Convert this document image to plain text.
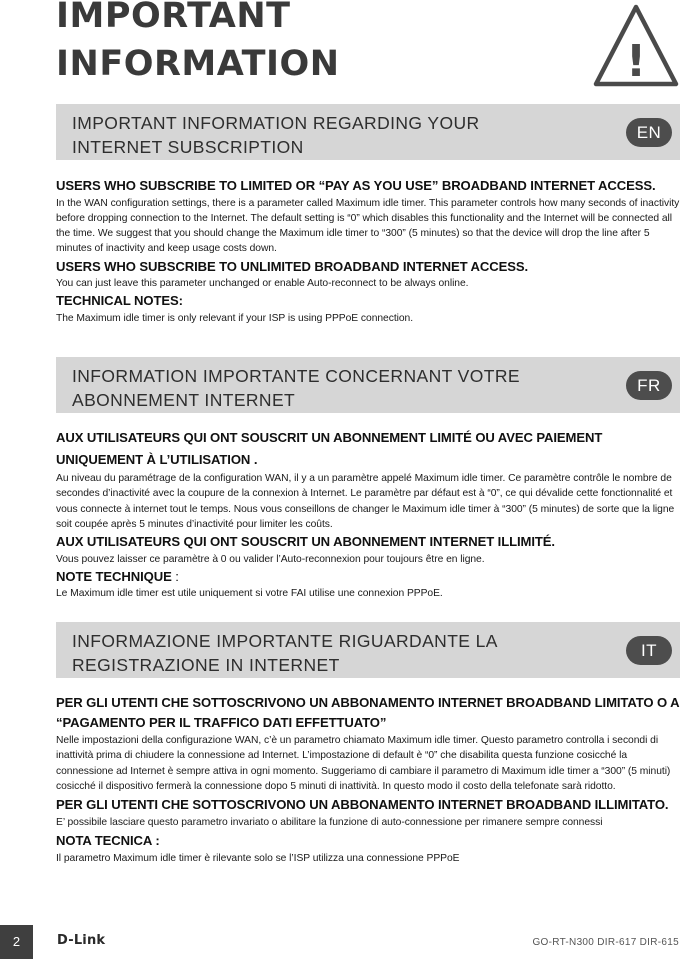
IMPORTANT
INFORMATION	!
IMPORTANT INFORMATION REGARDING YOUR
INTERNET SUBSCRIPTION
EN

USERS WHO SUBSCRIBE TO LIMITED OR “PAY AS YOU USE” BROADBAND INTERNET ACCESS.

In the WAN configuration settings, there is a parameter called Maximum idle timer. This parameter controls how many seconds of inactivity before dropping connection to the Internet. The default setting is “0” which disables this functionality and the Internet will be connected all the time. We suggest that you should change the Maximum idle timer to “300” (5 minutes) so that the device will drop the line after 5 minutes of inactivity and keep usage costs down.

USERS WHO SUBSCRIBE TO UNLIMITED BROADBAND INTERNET ACCESS.

You can just leave this parameter unchanged or enable Auto-reconnect to be always online.

TECHNICAL NOTES:

The Maximum idle timer is only relevant if your ISP is using PPPoE connection.

INFORMATION IMPORTANTE CONCERNANT VOTRE
ABONNEMENT INTERNET
FR

AUX UTILISATEURS QUI ONT SOUSCRIT UN ABONNEMENT LIMITÉ OU AVEC PAIEMENT UNIQUEMENT À L’UTILISATION .

Au niveau du paramétrage de la configuration WAN, il y a un paramètre appelé Maximum idle timer. Ce paramètre contrôle le nombre de secondes d’inactivité avec la coupure de la connexion à Internet. Le paramètre par défaut est à “0”, ce qui dévalide cette fonctionnalité et vous connecte à internet tout le temps. Nous vous conseillons de changer le Maximum idle timer à “300” (5 minutes) de sorte que la ligne soit coupée après 5 minutes d’inactivité pour limiter les coûts.

AUX UTILISATEURS QUI ONT SOUSCRIT UN ABONNEMENT INTERNET ILLIMITÉ.

Vous pouvez laisser ce paramètre à 0 ou valider l’Auto-reconnexion pour toujours être en ligne.

NOTE TECHNIQUE :

Le Maximum idle timer est utile uniquement si votre FAI utilise une connexion PPPoE.

INFORMAZIONE IMPORTANTE RIGUARDANTE LA
REGISTRAZIONE IN INTERNET
IT

PER GLI UTENTI CHE SOTTOSCRIVONO UN ABBONAMENTO INTERNET BROADBAND LIMITATO O A “PAGAMENTO PER IL TRAFFICO DATI EFFETTUATO”

Nelle impostazioni della configurazione WAN, c’è un parametro chiamato Maximum idle timer. Questo parametro controlla i secondi di inattività prima di chiudere la connessione ad Internet. L’impostazione di default è “0” che disabilita questa funzione cosicché la connessione ad Internet è sempre attiva in ogni momento. Suggeriamo di cambiare il parametro di Maximum idle timer a “300” (5 minuti) cosicché il dispositivo fermerà la connessione dopo 5 minuti di inattività. In questo modo il costo della telefonate sarà ridotto.

PER GLI UTENTI CHE SOTTOSCRIVONO UN ABBONAMENTO INTERNET BROADBAND ILLIMITATO.

E’ possibile lasciare questo parametro invariato o abilitare la funzione di auto-connessione per rimanere sempre connessi

NOTA TECNICA :

Il parametro Maximum idle timer è rilevante solo se l’ISP utilizza una connessione PPPoE

2	D-Link	GO-RT-N300 DIR-617 DIR-615
